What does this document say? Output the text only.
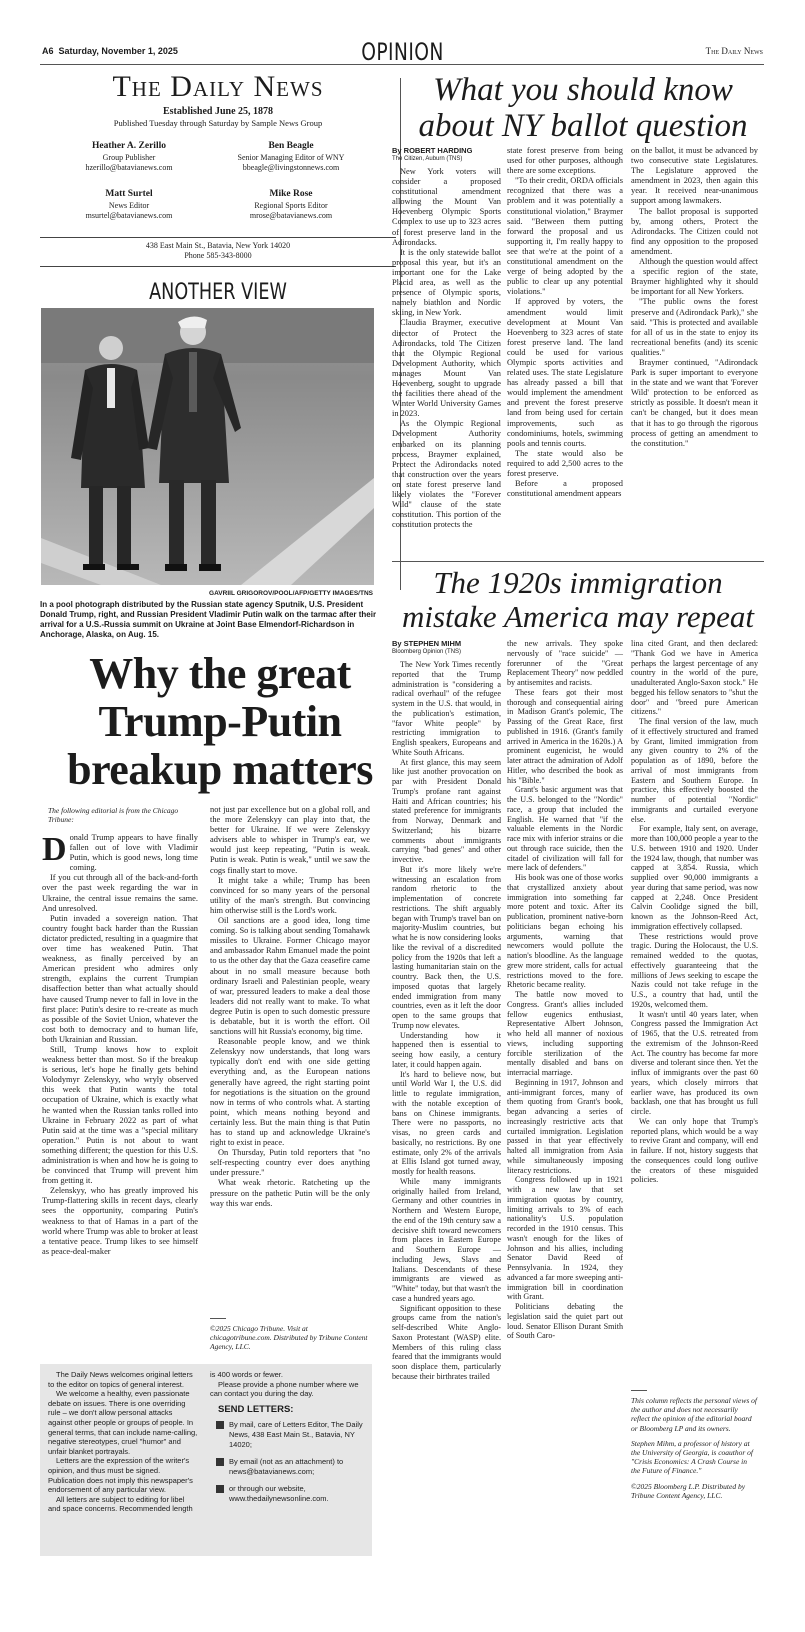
A6 Saturday, November 1, 2025	OPINION	The Daily News
The Daily News
Established June 25, 1878
Published Tuesday through Saturday by Sample News Group
Heather A. Zerillo
Group Publisher
hzerillo@batavianews.com
Ben Beagle
Senior Managing Editor of WNY
bbeagle@livingstonnews.com
Matt Surtel
News Editor
msurtel@batavianews.com
Mike Rose
Regional Sports Editor
mrose@batavianews.com
438 East Main St., Batavia, New York 14020
Phone 585-343-8000
ANOTHER VIEW
GAVRIIL GRIGOROV/POOL/AFP/GETTY IMAGES/TNS
In a pool photograph distributed by the Russian state agency Sputnik, U.S. President Donald Trump, right, and Russian President Vladimir Putin walk on the tarmac after their arrival for a U.S.-Russia summit on Ukraine at Joint Base Elmendorf-Richardson in Anchorage, Alaska, on Aug. 15.
Why the great Trump-Putin breakup matters
The following editorial is from the Chicago Tribune:

Donald Trump appears to have finally fallen out of love with Vladimir Putin, which is good news, long time coming.

If you cut through all of the back-and-forth over the past week regarding the war in Ukraine, the central issue remains the same. And unresolved.

Putin invaded a sovereign nation. That country fought back harder than the Russian dictator predicted, resulting in a quagmire that over time has weakened Putin. That weakness, as finally perceived by an American president who admires only strength, explains the current Trumpian disaffection better than what actually should have caused Trump never to fall in love in the first place: Putin's desire to re-create as much as possible of the Soviet Union, whatever the cost both to democracy and to human life, both Ukrainian and Russian.

Still, Trump knows how to exploit weakness better than most. So if the breakup is serious, let's hope he finally gets behind Volodymyr Zelenskyy, who wryly observed this week that Putin wants the total occupation of Ukraine, which is exactly what he wanted when the Russian tanks rolled into Ukraine in February 2022 as part of what Putin said at the time was a "special military operation." Putin is not about to want something different; the question for this U.S. administration is when and how he is going to be convinced that Trump will prevent him from getting it.

Zelenskyy, who has greatly improved his Trump-flattering skills in recent days, clearly sees the opportunity, comparing Putin's weakness to that of Hamas in a part of the world where Trump was able to broker at least a tentative peace. Trump likes to see himself as peace-deal-maker

not just par excellence but on a global roll, and the more Zelenskyy can play into that, the better for Ukraine. If we were Zelenskyy advisers able to whisper in Trump's ear, we would just keep repeating, "Putin is weak. Putin is weak. Putin is weak," until we saw the cogs finally start to move.

It might take a while; Trump has been convinced for so many years of the personal utility of the man's strength. But convincing him otherwise still is the Lord's work.

Oil sanctions are a good idea, long time coming. So is talking about sending Tomahawk missiles to Ukraine. Former Chicago mayor and ambassador Rahm Emanuel made the point to us the other day that the Gaza ceasefire came about in no small measure because both ordinary Israeli and Palestinian people, weary of war, pressured leaders to make a deal those leaders did not really want to make. To what degree Putin is open to such domestic pressure is debatable, but it is worth the effort. Oil sanctions will hit Russia's economy, big time.

Reasonable people know, and we think Zelenskyy now understands, that long wars typically don't end with one side getting everything and, as the European nations generally have agreed, the right starting point for negotiations is the situation on the ground now in terms of who controls what. A starting point, which means nothing beyond and certainly less. But the main thing is that Putin has to stand up and acknowledge Ukraine's right to exist in peace.

On Thursday, Putin told reporters that "no self-respecting country ever does anything under pressure."

What weak rhetoric. Ratcheting up the pressure on the pathetic Putin will be the only way this war ends.

©2025 Chicago Tribune. Visit at chicagotribune.com. Distributed by Tribune Content Agency, LLC.

The Daily News welcomes original letters to the editor on topics of general interest.

We welcome a healthy, even passionate debate on issues. There is one overriding rule – we don't allow personal attacks against other people or groups of people. In general terms, that can include name-calling, negative stereotypes, cruel "humor" and unfair blanket portrayals.

Letters are the expression of the writer's opinion, and thus must be signed. Publication does not imply this newspaper's endorsement of any particular view.

All letters are subject to editing for libel and space concerns. Recommended length

is 400 words or fewer.

Please provide a phone number where we can contact you during the day.

SEND LETTERS:
By mail, care of Letters Editor, The Daily News, 438 East Main St., Batavia, NY 14020;
By email (not as an attachment) to news@batavianews.com;
or through our website, www.thedailynewsonline.com.
What you should know about NY ballot question
By ROBERT HARDING
The Citizen, Auburn (TNS)

New York voters will consider a proposed constitutional amendment allowing the Mount Van Hoevenberg Olympic Sports Complex to use up to 323 acres of forest preserve land in the Adirondacks.

It is the only statewide ballot proposal this year, but it's an important one for the Lake Placid area, as well as the presence of Olympic sports, namely biathlon and Nordic skiing, in New York.

Claudia Braymer, executive director of Protect the Adirondacks, told The Citizen that the Olympic Regional Development Authority, which manages Mount Van Hoevenberg, sought to upgrade the facilities there ahead of the Winter World University Games in 2023.

As the Olympic Regional Development Authority embarked on its planning process, Braymer explained, Protect the Adirondacks noted that construction over the years on state forest preserve land likely violates the "Forever Wild" clause of the state constitution. This portion of the constitution protects the

state forest preserve from being used for other purposes, although there are some exceptions.

"To their credit, ORDA officials recognized that there was a problem and it was potentially a constitutional violation," Braymer said. "Between them putting forward the proposal and us supporting it, I'm really happy to see that we're at the point of a constitutional amendment on the verge of being adopted by the public to clear up any potential violations."

If approved by voters, the amendment would limit development at Mount Van Hoevenberg to 323 acres of state forest preserve land. The land could be used for various Olympic sports activities and related uses. The state Legislature has already passed a bill that would implement the amendment and prevent the forest preserve land from being used for certain improvements, such as condominiums, hotels, swimming pools and tennis courts.

The state would also be required to add 2,500 acres to the forest preserve.

Before a proposed constitutional amendment appears

on the ballot, it must be advanced by two consecutive state Legislatures. The Legislature approved the amendment in 2023, then again this year. It received near-unanimous support among lawmakers.

The ballot proposal is supported by, among others, Protect the Adirondacks. The Citizen could not find any opposition to the proposed amendment.

Although the question would affect a specific region of the state, Braymer highlighted why it should be important for all New Yorkers.

"The public owns the forest preserve and (Adirondack Park)," she said. "This is protected and available for all of us in the state to enjoy its recreational benefits (and) its scenic qualities."

Braymer continued, "Adirondack Park is super important to everyone in the state and we want that 'Forever Wild' protection to be enforced as strictly as possible. It doesn't mean it can't be changed, but it does mean that it has to go through the rigorous process of getting an amendment to the constitution."

The 1920s immigration mistake America may repeat
By STEPHEN MIHM
Bloomberg Opinion (TNS)

The New York Times recently reported that the Trump administration is "considering a radical overhaul" of the refugee system in the U.S. that would, in the publication's estimation, "favor White people" by restricting immigration to English speakers, Europeans and White South Africans.

At first glance, this may seem like just another provocation on par with President Donald Trump's profane rant against Haiti and African countries; his stated preference for immigrants from Norway, Denmark and Switzerland; his bizarre comments about immigrants carrying "bad genes" and other invective.

But it's more likely we're witnessing an escalation from random rhetoric to the implementation of concrete restrictions. The shift arguably began with Trump's travel ban on majority-Muslim countries, but what he is now considering looks like the revival of a discredited policy from the 1920s that left a lasting humanitarian stain on the country. Back then, the U.S. imposed quotas that largely ended immigration from many countries, even as it left the door open to the same groups that Trump now elevates.

Understanding how it happened then is essential to seeing how easily, a century later, it could happen again.

It's hard to believe now, but until World War I, the U.S. did little to regulate immigration, with the notable exception of bans on Chinese immigrants. There were no passports, no visas, no green cards and basically, no restrictions. By one estimate, only 2% of the arrivals at Ellis Island got turned away, mostly for health reasons.

While many immigrants originally hailed from Ireland, Germany and other countries in Northern and Western Europe, the end of the 19th century saw a decisive shift toward newcomers from places in Eastern Europe and Southern Europe — including Jews, Slavs and Italians. Descendants of these immigrants are viewed as "White" today, but that wasn't the case a hundred years ago.

Significant opposition to these groups came from the nation's self-described White Anglo-Saxon Protestant (WASP) elite. Members of this ruling class feared that the immigrants would soon displace them, particularly because their birthrates trailed

the new arrivals. They spoke nervously of "race suicide" — forerunner of the "Great Replacement Theory" now peddled by antisemites and racists.

These fears got their most thorough and consequential airing in Madison Grant's polemic, The Passing of the Great Race, first published in 1916. (Grant's family arrived in America in the 1620s.) A prominent eugenicist, he would later attract the admiration of Adolf Hitler, who described the book as his "Bible."

Grant's basic argument was that the U.S. belonged to the "Nordic" race, a group that included the English. He warned that "if the valuable elements in the Nordic race mix with inferior strains or die out through race suicide, then the citadel of civilization will fall for mere lack of defenders."

His book was one of those works that crystallized anxiety about immigration into something far more potent and toxic. After its publication, prominent native-born politicians began echoing his arguments, warning that newcomers would pollute the nation's bloodline. As the language grew more strident, calls for actual restrictions moved to the fore. Rhetoric became reality.

The battle now moved to Congress. Grant's allies included fellow eugenics enthusiast, Representative Albert Johnson, who held all manner of noxious views, including supporting forcible sterilization of the mentally disabled and bans on interracial marriage.

Beginning in 1917, Johnson and anti-immigrant forces, many of them quoting from Grant's book, began advancing a series of increasingly restrictive acts that curtailed immigration. Legislation passed in that year effectively halted all immigration from Asia while simultaneously imposing literacy restrictions.

Congress followed up in 1921 with a new law that set immigration quotas by country, limiting arrivals to 3% of each nationality's U.S. population recorded in the 1910 census. This wasn't enough for the likes of Johnson and his allies, including Senator David Reed of Pennsylvania. In 1924, they advanced a far more sweeping anti-immigration bill in coordination with Grant.

Politicians debating the legislation said the quiet part out loud. Senator Ellison Durant Smith of South Caro-

lina cited Grant, and then declared: "Thank God we have in America perhaps the largest percentage of any country in the world of the pure, unadulterated Anglo-Saxon stock." He begged his fellow senators to "shut the door" and "breed pure American citizens."

The final version of the law, much of it effectively structured and framed by Grant, limited immigration from any given country to 2% of the population as of 1890, before the arrival of most immigrants from Eastern and Southern Europe. In practice, this effectively boosted the number of potential "Nordic" immigrants and curtailed everyone else.

For example, Italy sent, on average, more than 100,000 people a year to the U.S. between 1910 and 1920. Under the 1924 law, though, that number was capped at 3,854. Russia, which supplied over 90,000 immigrants a year during that same period, was now capped at 2,248. Once President Calvin Coolidge signed the bill, known as the Johnson-Reed Act, immigration effectively collapsed.

These restrictions would prove tragic. During the Holocaust, the U.S. remained wedded to the quotas, effectively guaranteeing that the millions of Jews seeking to escape the Nazis could not take refuge in the U.S., a country that had, until the 1920s, welcomed them.

It wasn't until 40 years later, when Congress passed the Immigration Act of 1965, that the U.S. retreated from the extremism of the Johnson-Reed Act. The country has become far more diverse and tolerant since then. Yet the influx of immigrants over the past 60 years, which closely mirrors that earlier wave, has produced its own backlash, one that has brought us full circle.

We can only hope that Trump's reported plans, which would be a way to revive Grant and company, will end in failure. If not, history suggests that the consequences could long outlive the creators of these misguided policies.

This column reflects the personal views of the author and does not necessarily reflect the opinion of the editorial board or Bloomberg LP and its owners.

Stephen Mihm, a professor of history at the University of Georgia, is coauthor of "Crisis Economics: A Crash Course in the Future of Finance."

©2025 Bloomberg L.P. Distributed by Tribune Content Agency, LLC.
